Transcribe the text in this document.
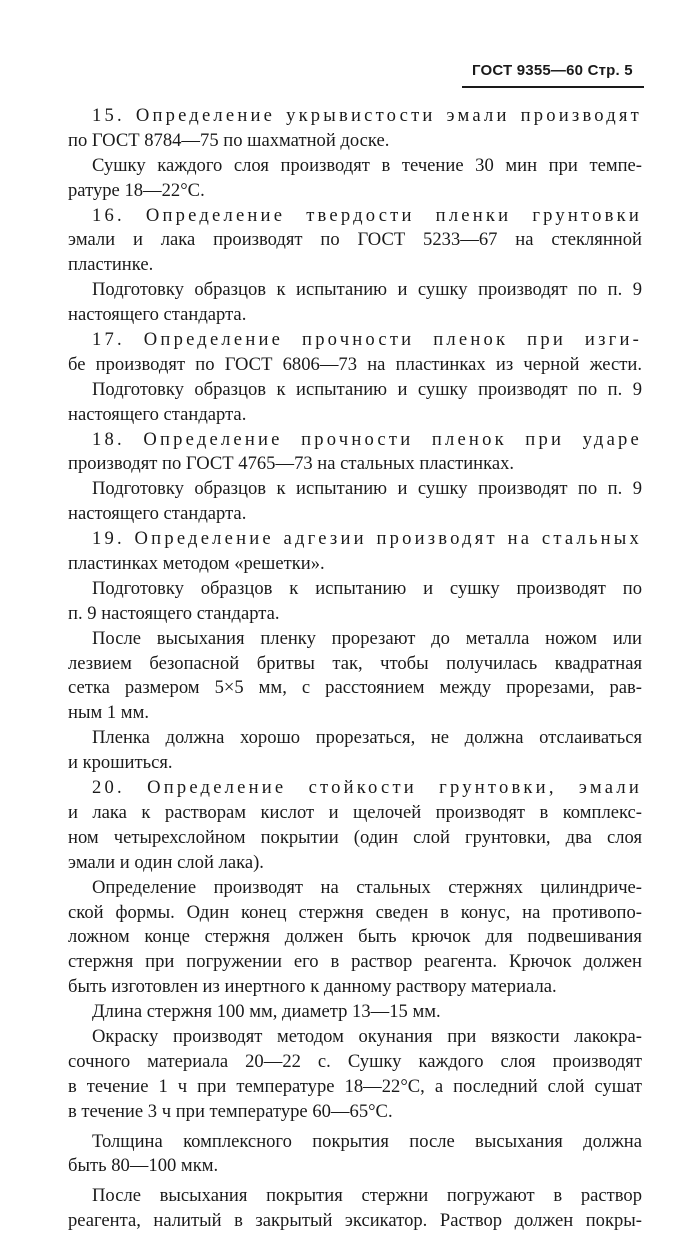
ГОСТ 9355—60 Стр. 5
15. Определение укрывистости эмали производят
по ГОСТ 8784—75 по шахматной доске.
Сушку каждого слоя производят в течение 30 мин при темпе-
ратуре 18—22°С.
16. Определение твердости пленки грунтовки
эмали и лака производят по ГОСТ 5233—67 на стеклянной
пластинке.
Подготовку образцов к испытанию и сушку производят по п. 9
настоящего стандарта.
17. Определение прочности пленок при изги-
бе производят по ГОСТ 6806—73 на пластинках из черной жести.
Подготовку образцов к испытанию и сушку производят по п. 9
настоящего стандарта.
18. Определение прочности пленок при ударе
производят по ГОСТ 4765—73 на стальных пластинках.
Подготовку образцов к испытанию и сушку производят по п. 9
настоящего стандарта.
19. Определение адгезии производят на стальных
пластинках методом «решетки».
Подготовку образцов к испытанию и сушку производят по
п. 9 настоящего стандарта.
После высыхания пленку прорезают до металла ножом или
лезвием безопасной бритвы так, чтобы получилась квадратная
сетка размером 5×5 мм, с расстоянием между прорезами, рав-
ным 1 мм.
Пленка должна хорошо прорезаться, не должна отслаиваться
и крошиться.
20. Определение стойкости грунтовки, эмали
и лака к растворам кислот и щелочей производят в комплекс-
ном четырехслойном покрытии (один слой грунтовки, два слоя
эмали и один слой лака).
Определение производят на стальных стержнях цилиндриче-
ской формы. Один конец стержня сведен в конус, на противопо-
ложном конце стержня должен быть крючок для подвешивания
стержня при погружении его в раствор реагента. Крючок должен
быть изготовлен из инертного к данному раствору материала.
Длина стержня 100 мм, диаметр 13—15 мм.
Окраску производят методом окунания при вязкости лакокра-
сочного материала 20—22 с. Сушку каждого слоя производят
в течение 1 ч при температуре 18—22°С, а последний слой сушат
в течение 3 ч при температуре 60—65°С.
Толщина комплексного покрытия после высыхания должна
быть 80—100 мкм.
После высыхания покрытия стержни погружают в раствор
реагента, налитый в закрытый эксикатор. Раствор должен покры-
